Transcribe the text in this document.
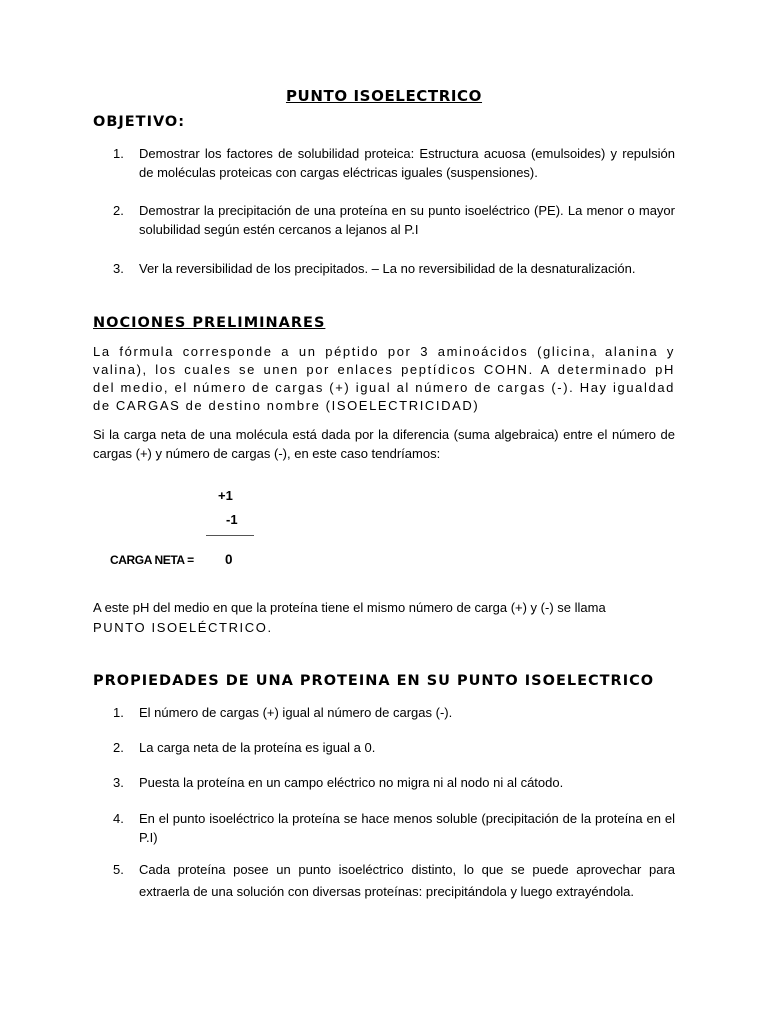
PUNTO ISOELECTRICO
OBJETIVO:
1.	Demostrar los factores de solubilidad proteica: Estructura acuosa (emulsoides) y repulsión de moléculas proteicas con cargas eléctricas iguales (suspensiones).
2.	Demostrar la precipitación de una proteína en su punto isoeléctrico (PE). La menor o mayor solubilidad según estén cercanos a lejanos al P.I
3.	Ver la reversibilidad de los precipitados. – La no reversibilidad de la desnaturalización.
NOCIONES PRELIMINARES
La fórmula corresponde a un péptido por 3 aminoácidos (glicina, alanina y valina), los cuales se unen por enlaces peptídicos COHN. A determinado pH del medio, el número de cargas (+) igual al número de cargas (-). Hay igualdad de CARGAS de destino nombre (ISOELECTRICIDAD)
Si la carga neta de una molécula está dada por la diferencia (suma algebraica) entre el número de cargas (+) y número de cargas (-), en este caso tendríamos:
+1
-1
CARGA NETA = 0
A este pH del medio en que la proteína tiene el mismo número de carga (+) y (-) se llama
PUNTO ISOELÉCTRICO.
PROPIEDADES DE UNA PROTEINA EN SU PUNTO ISOELECTRICO
1.	El número de cargas (+) igual al número de cargas (-).
2.	La carga neta de la proteína es igual a 0.
3.	Puesta la proteína en un campo eléctrico no migra ni al nodo ni al cátodo.
4.	En el punto isoeléctrico la proteína se hace menos soluble (precipitación de la proteína en el P.I)
5.	Cada proteína posee un punto isoeléctrico distinto, lo que se puede aprovechar para extraerla de una solución con diversas proteínas: precipitándola y luego extrayéndola.
